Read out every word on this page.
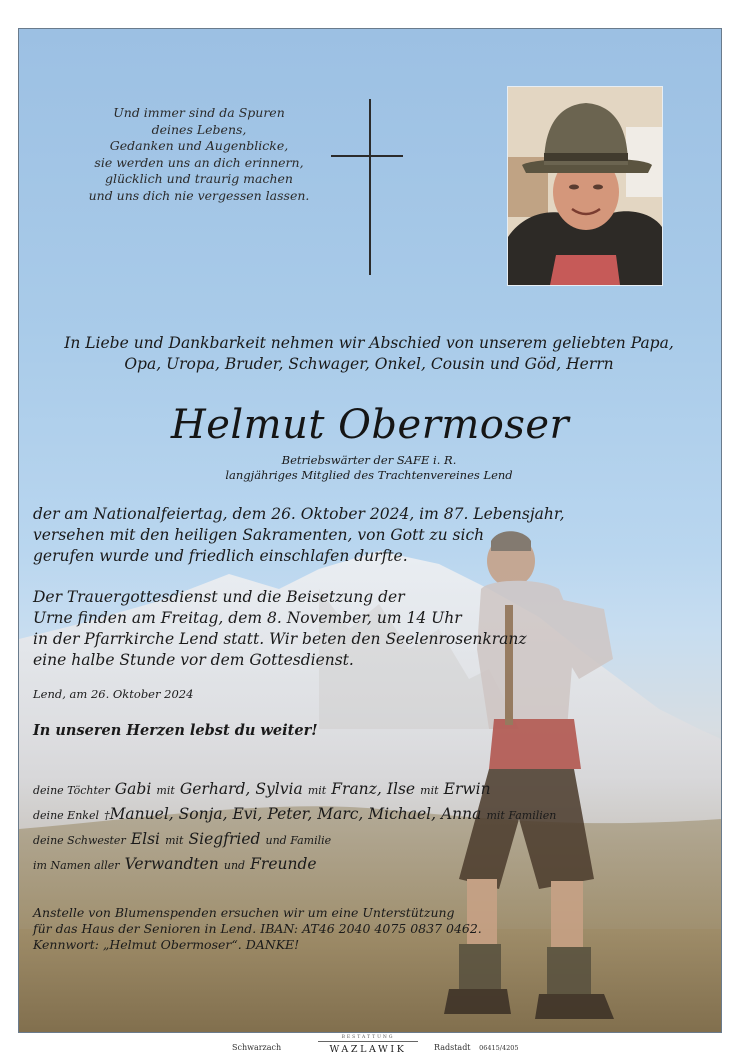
Und immer sind da Spuren
deines Lebens,
Gedanken und Augenblicke,
sie werden uns an dich erinnern,
glücklich und traurig machen
und uns dich nie vergessen lassen.
In Liebe und Dankbarkeit nehmen wir Abschied von unserem geliebten Papa,
Opa, Uropa, Bruder, Schwager, Onkel, Cousin und Göd, Herrn
Helmut Obermoser
Betriebswärter der SAFE i. R.
langjähriges Mitglied des Trachtenvereines Lend
der am Nationalfeiertag, dem 26. Oktober 2024, im 87. Lebensjahr,
versehen mit den heiligen Sakramenten, von Gott zu sich
gerufen wurde und friedlich einschlafen durfte.
Der Trauergottesdienst und die Beisetzung der
Urne finden am Freitag, dem 8. November, um 14 Uhr
in der Pfarrkirche Lend statt. Wir beten den Seelenrosenkranz
eine halbe Stunde vor dem Gottesdienst.
Lend, am 26. Oktober 2024
In unseren Herzen lebst du weiter!
deine Töchter Gabi mit Gerhard, Sylvia mit Franz, Ilse mit Erwin
deine Enkel †Manuel, Sonja, Evi, Peter, Marc, Michael, Anna mit Familien
deine Schwester Elsi mit Siegfried und Familie
im Namen aller Verwandten und Freunde
Anstelle von Blumenspenden ersuchen wir um eine Unterstützung
für das Haus der Senioren in Lend. IBAN: AT46 2040 4075 0837 0462.
Kennwort: „Helmut Obermoser“. DANKE!
Schwarzach
BESTATTUNG
WAZLAWIK	Radstadt 06415/4205
